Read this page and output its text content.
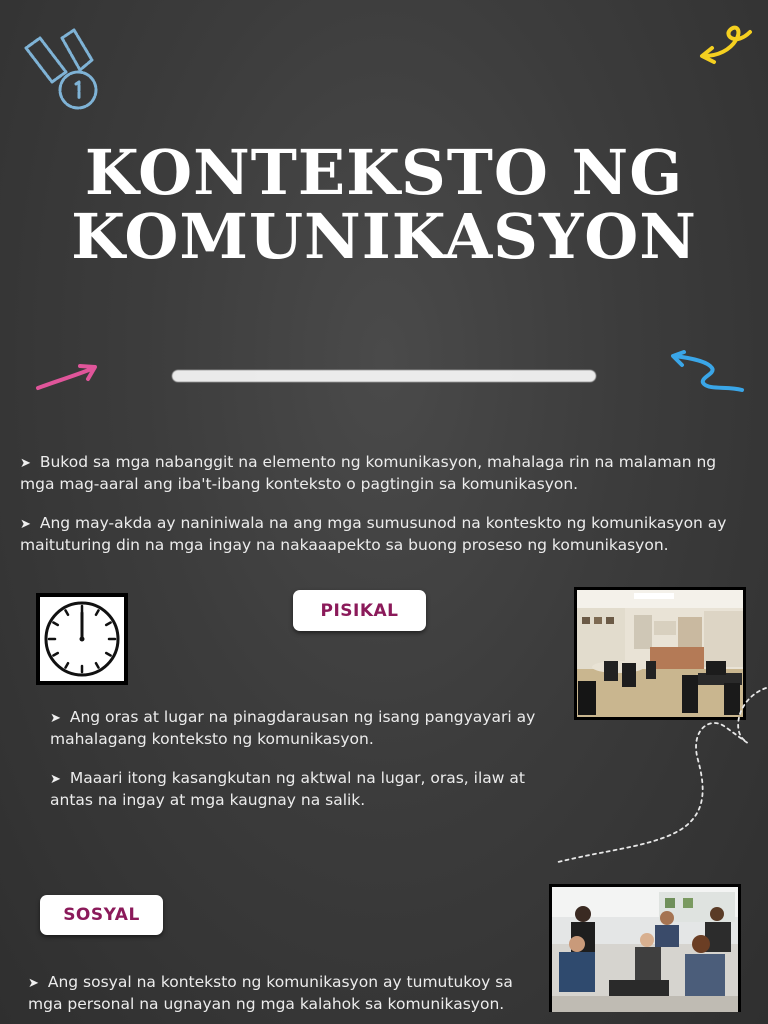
KONTEKSTO NG
KOMUNIKASYON
➤ Bukod sa mga nabanggit na elemento ng komunikasyon, mahalaga rin na malaman ng mga mag-aaral ang iba't-ibang konteksto o pagtingin sa komunikasyon.
➤ Ang may-akda ay naniniwala na ang mga sumusunod na konteskto ng komunikasyon ay maituturing din na mga ingay na nakaaapekto sa buong proseso ng komunikasyon.
PISIKAL
➤ Ang oras at lugar na pinagdarausan ng isang pangyayari ay mahalagang konteksto ng komunikasyon.
➤ Maaari itong kasangkutan ng aktwal na lugar, oras, ilaw at antas na ingay at mga kaugnay na salik.
SOSYAL
➤ Ang sosyal na konteksto ng komunikasyon ay tumutukoy sa mga personal na ugnayan ng mga kalahok sa komunikasyon.
